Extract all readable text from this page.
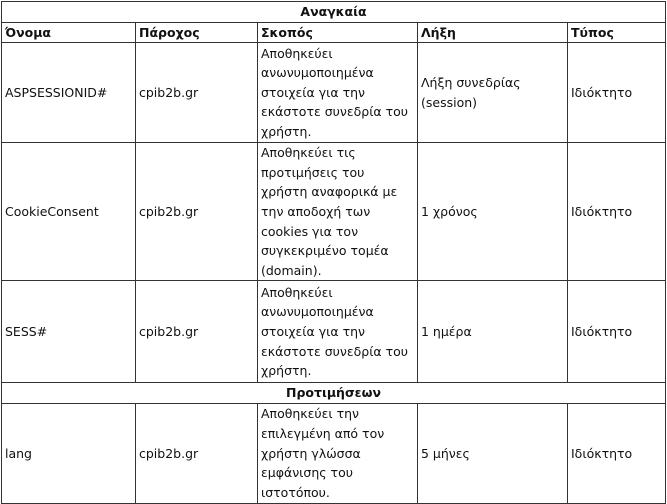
Αναγκαία				
Όνομα	Πάροχος	Σκοπός	Λήξη	Τύπος
ASPSESSIONID#	cpib2b.gr	Αποθηκεύει ανωνυμοποιημένα στοιχεία για την εκάστοτε συνεδρία του χρήστη.	Λήξη συνεδρίας (session)	Ιδιόκτητο
CookieConsent	cpib2b.gr	Αποθηκεύει τις προτιμήσεις του χρήστη αναφορικά με την αποδοχή των cookies για τον συγκεκριμένο τομέα (domain).	1 χρόνος	Ιδιόκτητο
SESS#	cpib2b.gr	Αποθηκεύει ανωνυμοποιημένα στοιχεία για την εκάστοτε συνεδρία του χρήστη.	1 ημέρα	Ιδιόκτητο
Προτιμήσεων				
lang	cpib2b.gr	Αποθηκεύει την επιλεγμένη από τον χρήστη γλώσσα εμφάνισης του ιστοτόπου.	5 μήνες	Ιδιόκτητο
